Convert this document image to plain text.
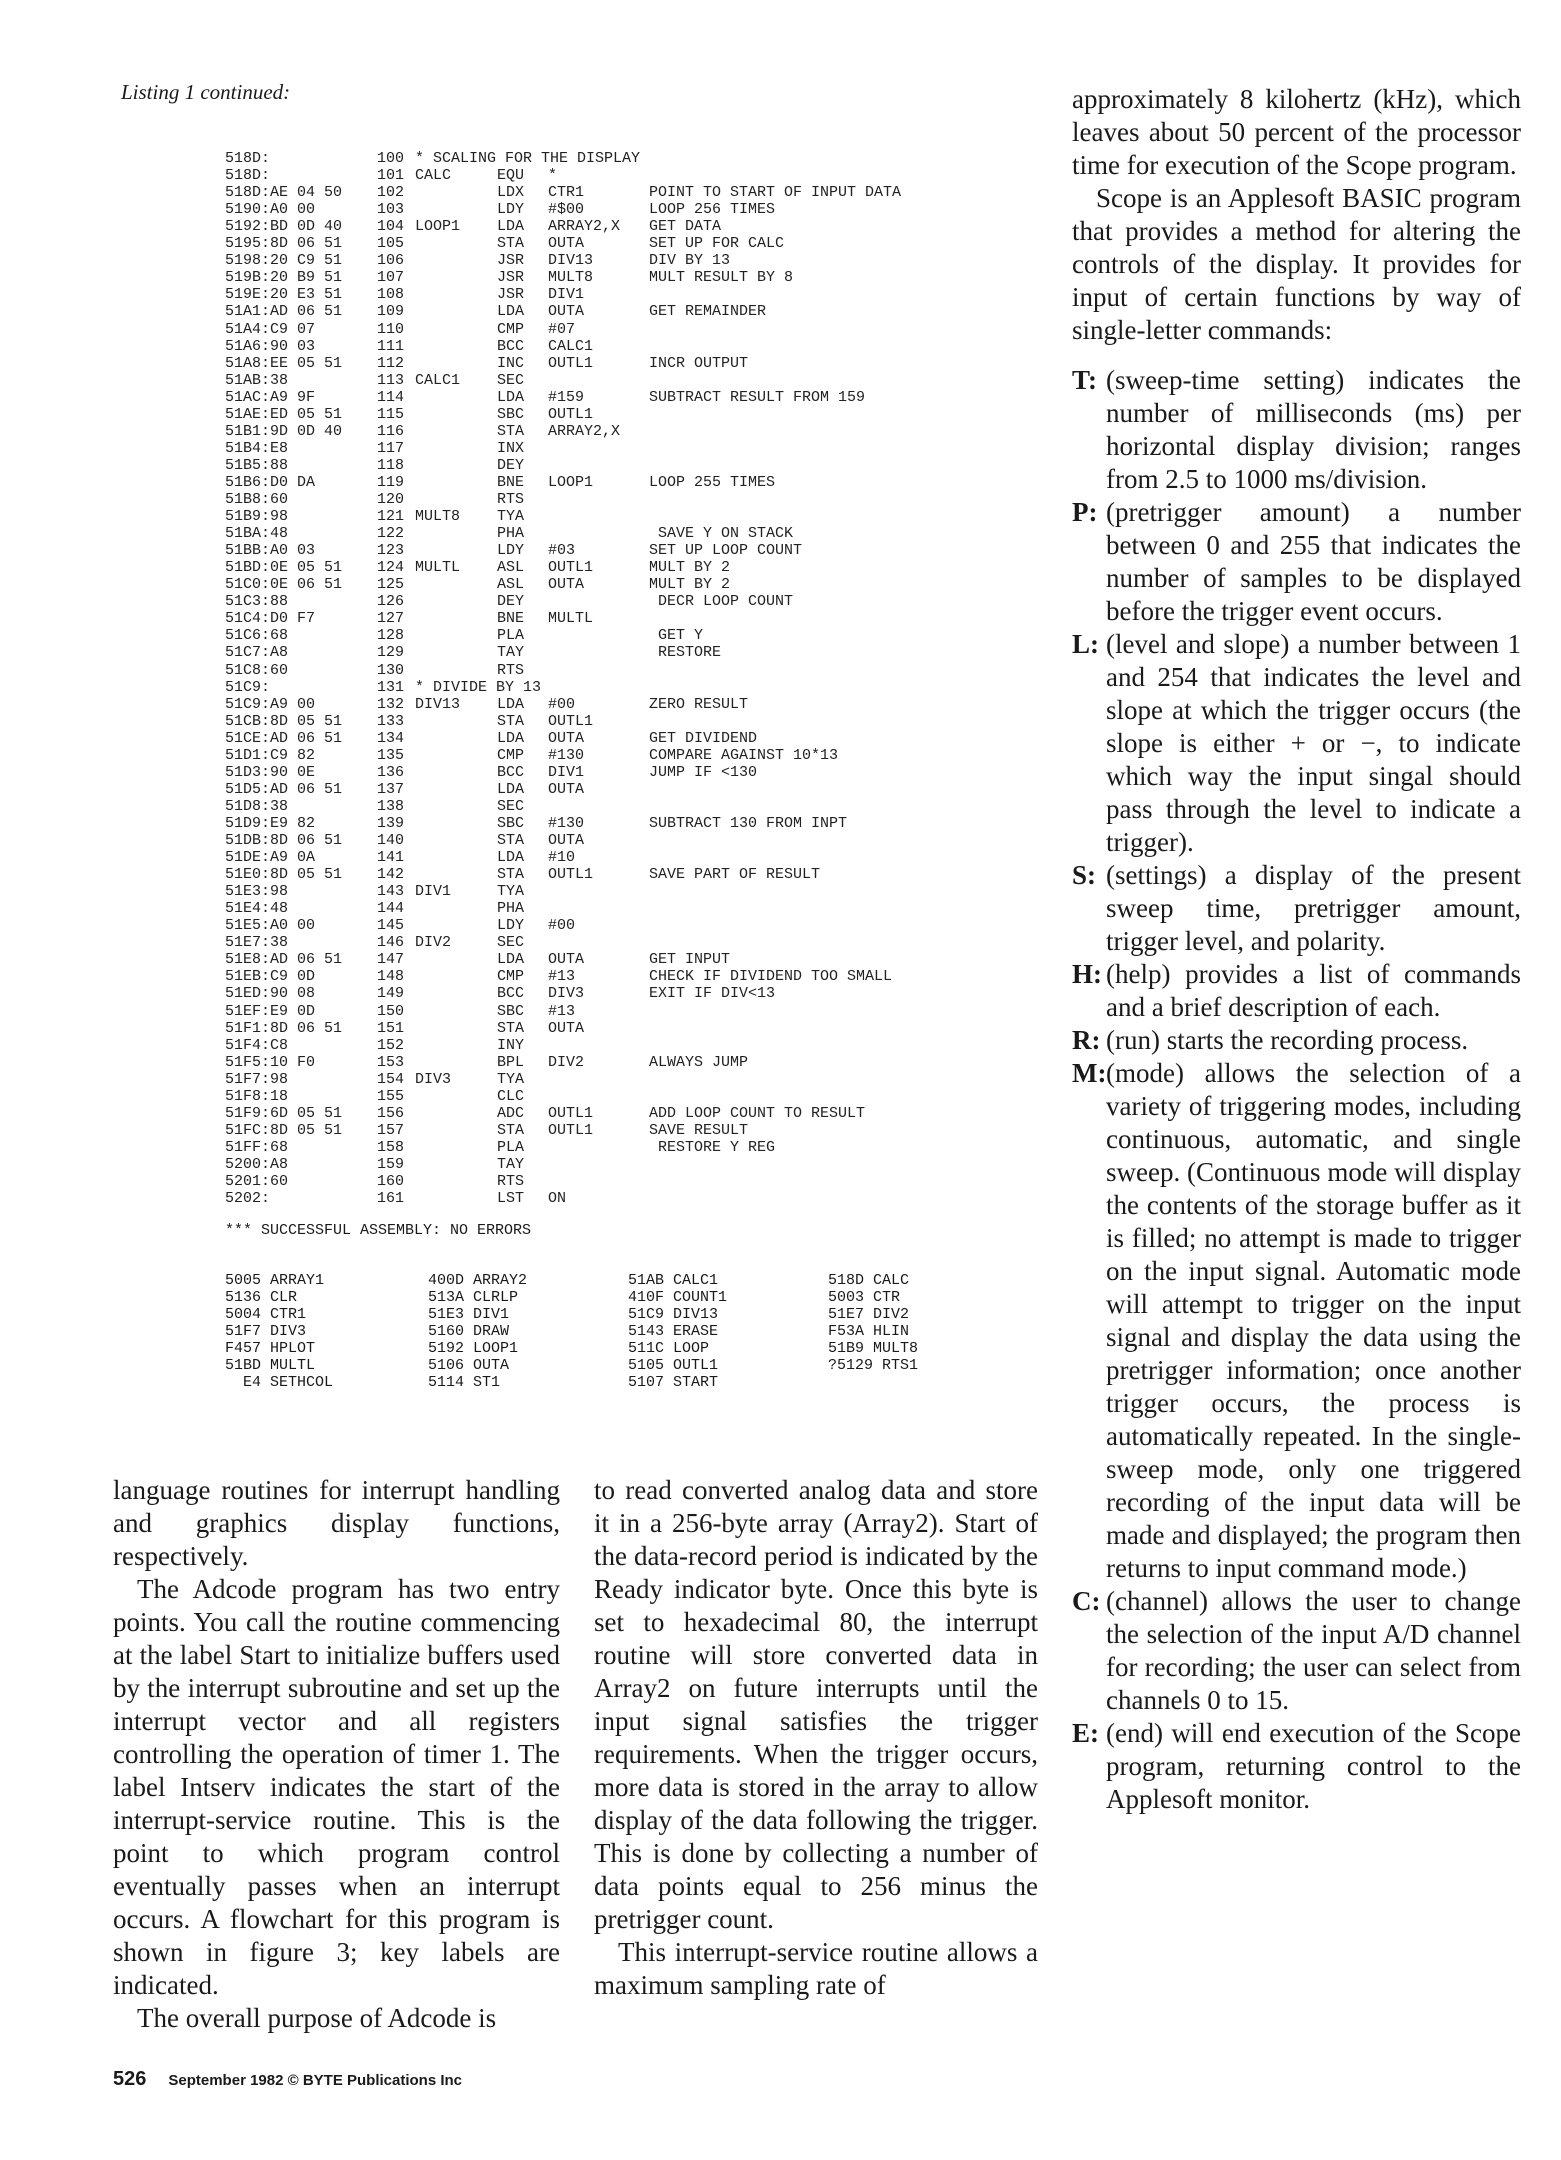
Listing 1 continued:
518D:	100 * SCALING FOR THE DISPLAY
518D:	101 CALC	EQU *
518D:AE 04 50 102	LDX CTR1	POINT TO START OF INPUT DATA
5190:A0 00	103	LDY #$00	LOOP 256 TIMES
5192:BD 0D 40 104 LOOP1 LDA ARRAY2,X GET DATA
5195:8D 06 51 105	STA OUTA	SET UP FOR CALC
5198:20 C9 51 106	JSR DIV13	DIV BY 13
519B:20 B9 51 107	JSR MULT8	MULT RESULT BY 8
519E:20 E3 51 108	JSR DIV1
51A1:AD 06 51 109	LDA OUTA	GET REMAINDER
51A4:C9 07	110	CMP #07
51A6:90 03	111	BCC CALC1
51A8:EE 05 51 112	INC OUTL1	INCR OUTPUT
51AB:38	113 CALC1 SEC
51AC:A9 9F	114	LDA #159	SUBTRACT RESULT FROM 159
51AE:ED 05 51 115	SBC OUTL1
51B1:9D 0D 40 116	STA ARRAY2,X
51B4:E8	117	INX
51B5:88	118	DEY
51B6:D0 DA	119	BNE LOOP1	LOOP 255 TIMES
51B8:60	120	RTS
51B9:98	121 MULT8 TYA
51BA:48	122	PHA	SAVE Y ON STACK
51BB:A0 03	123	LDY #03	SET UP LOOP COUNT
51BD:0E 05 51 124 MULTL ASL OUTL1	MULT BY 2
51C0:0E 06 51 125	ASL OUTA	MULT BY 2
51C3:88	126	DEY	DECR LOOP COUNT
51C4:D0 F7	127	BNE MULTL
51C6:68	128	PLA	GET Y
51C7:A8	129	TAY	RESTORE
51C8:60	130	RTS
51C9:	131 * DIVIDE BY 13
51C9:A9 00	132 DIV13 LDA #00	ZERO RESULT
51CB:8D 05 51 133	STA OUTL1
51CE:AD 06 51 134	LDA OUTA	GET DIVIDEND
51D1:C9 82	135	CMP #130	COMPARE AGAINST 10*13
51D3:90 0E	136	BCC DIV1	JUMP IF <130
51D5:AD 06 51 137	LDA OUTA
51D8:38	138	SEC
51D9:E9 82	139	SBC #130	SUBTRACT 130 FROM INPT
51DB:8D 06 51 140	STA OUTA
51DE:A9 0A	141	LDA #10
51E0:8D 05 51 142	STA OUTL1	SAVE PART OF RESULT
51E3:98	143 DIV1	TYA
51E4:48	144	PHA
51E5:A0 00	145	LDY #00
51E7:38	146 DIV2	SEC
51E8:AD 06 51 147	LDA OUTA	GET INPUT
51EB:C9 0D	148	CMP #13	CHECK IF DIVIDEND TOO SMALL
51ED:90 08	149	BCC DIV3	EXIT IF DIV<13
51EF:E9 0D	150	SBC #13
51F1:8D 06 51 151	STA OUTA
51F4:C8	152	INY
51F5:10 F0	153	BPL DIV2	ALWAYS JUMP
51F7:98	154 DIV3	TYA
51F8:18	155	CLC
51F9:6D 05 51 156	ADC OUTL1	ADD LOOP COUNT TO RESULT
51FC:8D 05 51 157	STA OUTL1	SAVE RESULT
51FF:68	158	PLA	RESTORE Y REG
5200:A8	159	TAY
5201:60	160	RTS
5202:	161	LST ON
*** SUCCESSFUL ASSEMBLY: NO ERRORS
5005 ARRAY1	400D ARRAY2	51AB CALC1	518D CALC
5136 CLR	513A CLRLP	410F COUNT1	5003 CTR
5004 CTR1	51E3 DIV1	51C9 DIV13	51E7 DIV2
51F7 DIV3	5160 DRAW	5143 ERASE	F53A HLIN
F457 HPLOT	5192 LOOP1	511C LOOP	51B9 MULT8
51BD MULTL	5106 OUTA	5105 OUTL1	?5129 RTS1
E4 SETHCOL	5114 ST1	5107 START

language routines for interrupt handling and graphics display functions, respectively.

The Adcode program has two entry points. You call the routine commencing at the label Start to initialize buffers used by the interrupt subroutine and set up the interrupt vector and all registers controlling the operation of timer 1. The label Intserv indicates the start of the interrupt-service routine. This is the point to which program control eventually passes when an interrupt occurs. A flowchart for this program is shown in figure 3; key labels are indicated.

The overall purpose of Adcode is

to read converted analog data and store it in a 256-byte array (Array2). Start of the data-record period is indicated by the Ready indicator byte. Once this byte is set to hexadecimal 80, the interrupt routine will store converted data in Array2 on future interrupts until the input signal satisfies the trigger requirements. When the trigger occurs, more data is stored in the array to allow display of the data following the trigger. This is done by collecting a number of data points equal to 256 minus the pretrigger count.

This interrupt-service routine allows a maximum sampling rate of

approximately 8 kilohertz (kHz), which leaves about 50 percent of the processor time for execution of the Scope program.

Scope is an Applesoft BASIC program that provides a method for altering the controls of the display. It provides for input of certain functions by way of single-letter commands:

T: (sweep-time setting) indicates the number of milliseconds (ms) per horizontal display division; ranges from 2.5 to 1000 ms/division.
P: (pretrigger amount) a number between 0 and 255 that indicates the number of samples to be displayed before the trigger event occurs.
L: (level and slope) a number between 1 and 254 that indicates the level and slope at which the trigger occurs (the slope is either + or −, to indicate which way the input singal should pass through the level to indicate a trigger).
S: (settings) a display of the present sweep time, pretrigger amount, trigger level, and polarity.
H: (help) provides a list of commands and a brief description of each.
R: (run) starts the recording process.
M: (mode) allows the selection of a variety of triggering modes, including continuous, automatic, and single sweep. (Continuous mode will display the contents of the storage buffer as it is filled; no attempt is made to trigger on the input signal. Automatic mode will attempt to trigger on the input signal and display the data using the pretrigger information; once another trigger occurs, the process is automatically repeated. In the single-sweep mode, only one triggered recording of the input data will be made and displayed; the program then returns to input command mode.)
C: (channel) allows the user to change the selection of the input A/D channel for recording; the user can select from channels 0 to 15.
E: (end) will end execution of the Scope program, returning control to the Applesoft monitor.
526 September 1982 © BYTE Publications Inc
